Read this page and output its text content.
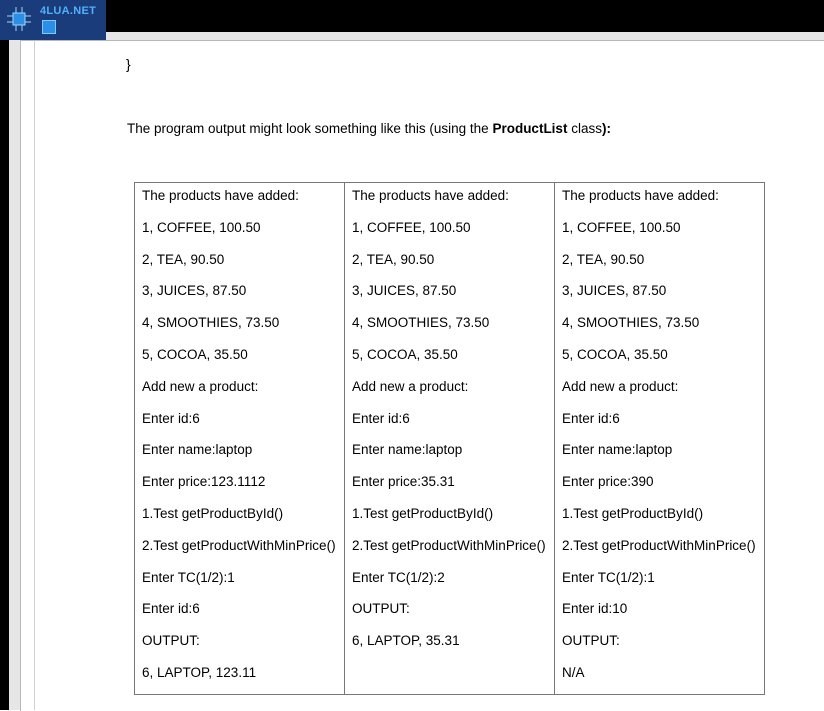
4LUA.NET
}
The program output might look something like this (using the ProductList class):
The products have added:
1, COFFEE, 100.50
2, TEA, 90.50
3, JUICES, 87.50
4, SMOOTHIES, 73.50
5, COCOA, 35.50
Add new a product:
Enter id:6
Enter name:laptop
Enter price:123.1112
1.Test getProductById()
2.Test getProductWithMinPrice()
Enter TC(1/2):1
Enter id:6
OUTPUT:
6, LAPTOP, 123.11

The products have added:
1, COFFEE, 100.50
2, TEA, 90.50
3, JUICES, 87.50
4, SMOOTHIES, 73.50
5, COCOA, 35.50
Add new a product:
Enter id:6
Enter name:laptop
Enter price:35.31
1.Test getProductById()
2.Test getProductWithMinPrice()
Enter TC(1/2):2
OUTPUT:
6, LAPTOP, 35.31

The products have added:
1, COFFEE, 100.50
2, TEA, 90.50
3, JUICES, 87.50
4, SMOOTHIES, 73.50
5, COCOA, 35.50
Add new a product:
Enter id:6
Enter name:laptop
Enter price:390
1.Test getProductById()
2.Test getProductWithMinPrice()
Enter TC(1/2):1
Enter id:10
OUTPUT:
N/A
